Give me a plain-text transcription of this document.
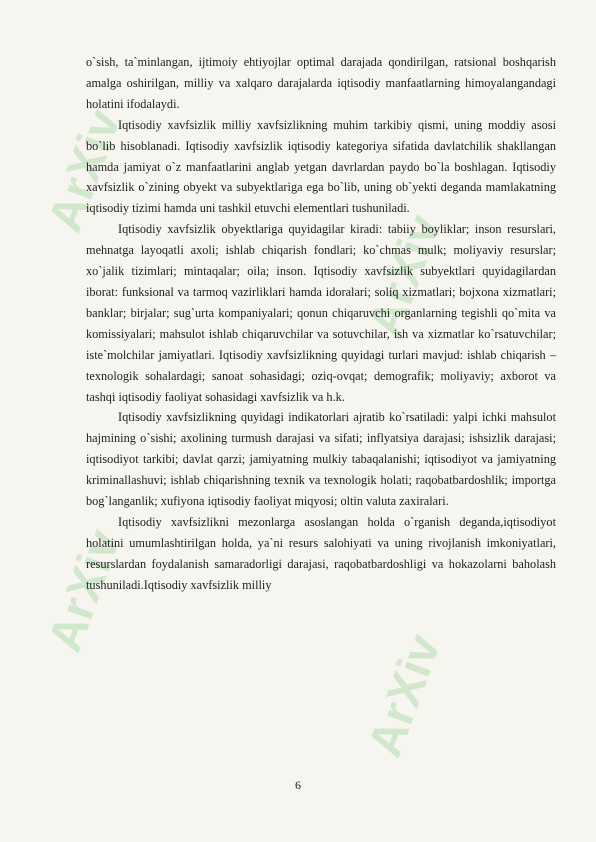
ArXiv
ArXiv
ArXiv
ArXiv

o`sish, ta`minlangan, ijtimoiy ehtiyojlar optimal darajada qondirilgan, ratsional boshqarish amalga oshirilgan, milliy va xalqaro darajalarda iqtisodiy manfaatlarning himoyalangandagi holatini ifodalaydi.

Iqtisodiy xavfsizlik milliy xavfsizlikning muhim tarkibiy qismi, uning moddiy asosi bo`lib hisoblanadi. Iqtisodiy xavfsizlik iqtisodiy kategoriya sifatida davlatchilik shakllangan hamda jamiyat o`z manfaatlarini anglab yetgan davrlardan paydo bo`la boshlagan. Iqtisodiy xavfsizlik o`zining obyekt va subyektlariga ega bo`lib, uning ob`yekti deganda mamlakatning iqtisodiy tizimi hamda uni tashkil etuvchi elementlari tushuniladi.

Iqtisodiy xavfsizlik obyektlariga quyidagilar kiradi: tabiiy boyliklar; inson resurslari, mehnatga layoqatli axoli; ishlab chiqarish fondlari; ko`chmas mulk; moliyaviy resurslar; xo`jalik tizimlari; mintaqalar; oila; inson. Iqtisodiy xavfsizlik subyektlari quyidagilardan iborat: funksional va tarmoq vazirliklari hamda idoralari; soliq xizmatlari; bojxona xizmatlari; banklar; birjalar; sug`urta kompaniyalari; qonun chiqaruvchi organlarning tegishli qo`mita va komissiyalari; mahsulot ishlab chiqaruvchilar va sotuvchilar, ish va xizmatlar ko`rsatuvchilar; iste`molchilar jamiyatlari. Iqtisodiy xavfsizlikning quyidagi turlari mavjud: ishlab chiqarish – texnologik sohalardagi; sanoat sohasidagi; oziq-ovqat; demografik; moliyaviy; axborot va tashqi iqtisodiy faoliyat sohasidagi xavfsizlik va h.k.

Iqtisodiy xavfsizlikning quyidagi indikatorlari ajratib ko`rsatiladi: yalpi ichki mahsulot hajmining o`sishi; axolining turmush darajasi va sifati; inflyatsiya darajasi; ishsizlik darajasi; iqtisodiyot tarkibi; davlat qarzi; jamiyatning mulkiy tabaqalanishi; iqtisodiyot va jamiyatning kriminallashuvi; ishlab chiqarishning texnik va texnologik holati; raqobatbardoshlik; importga bog`langanlik; xufiyona iqtisodiy faoliyat miqyosi; oltin valuta zaxiralari.

Iqtisodiy xavfsizlikni mezonlarga asoslangan holda o`rganish deganda,iqtisodiyot holatini umumlashtirilgan holda, ya`ni resurs salohiyati va uning rivojlanish imkoniyatlari, resurslardan foydalanish samaradorligi darajasi, raqobatbardoshligi va hokazolarni baholash tushuniladi.Iqtisodiy xavfsizlik milliy

6
